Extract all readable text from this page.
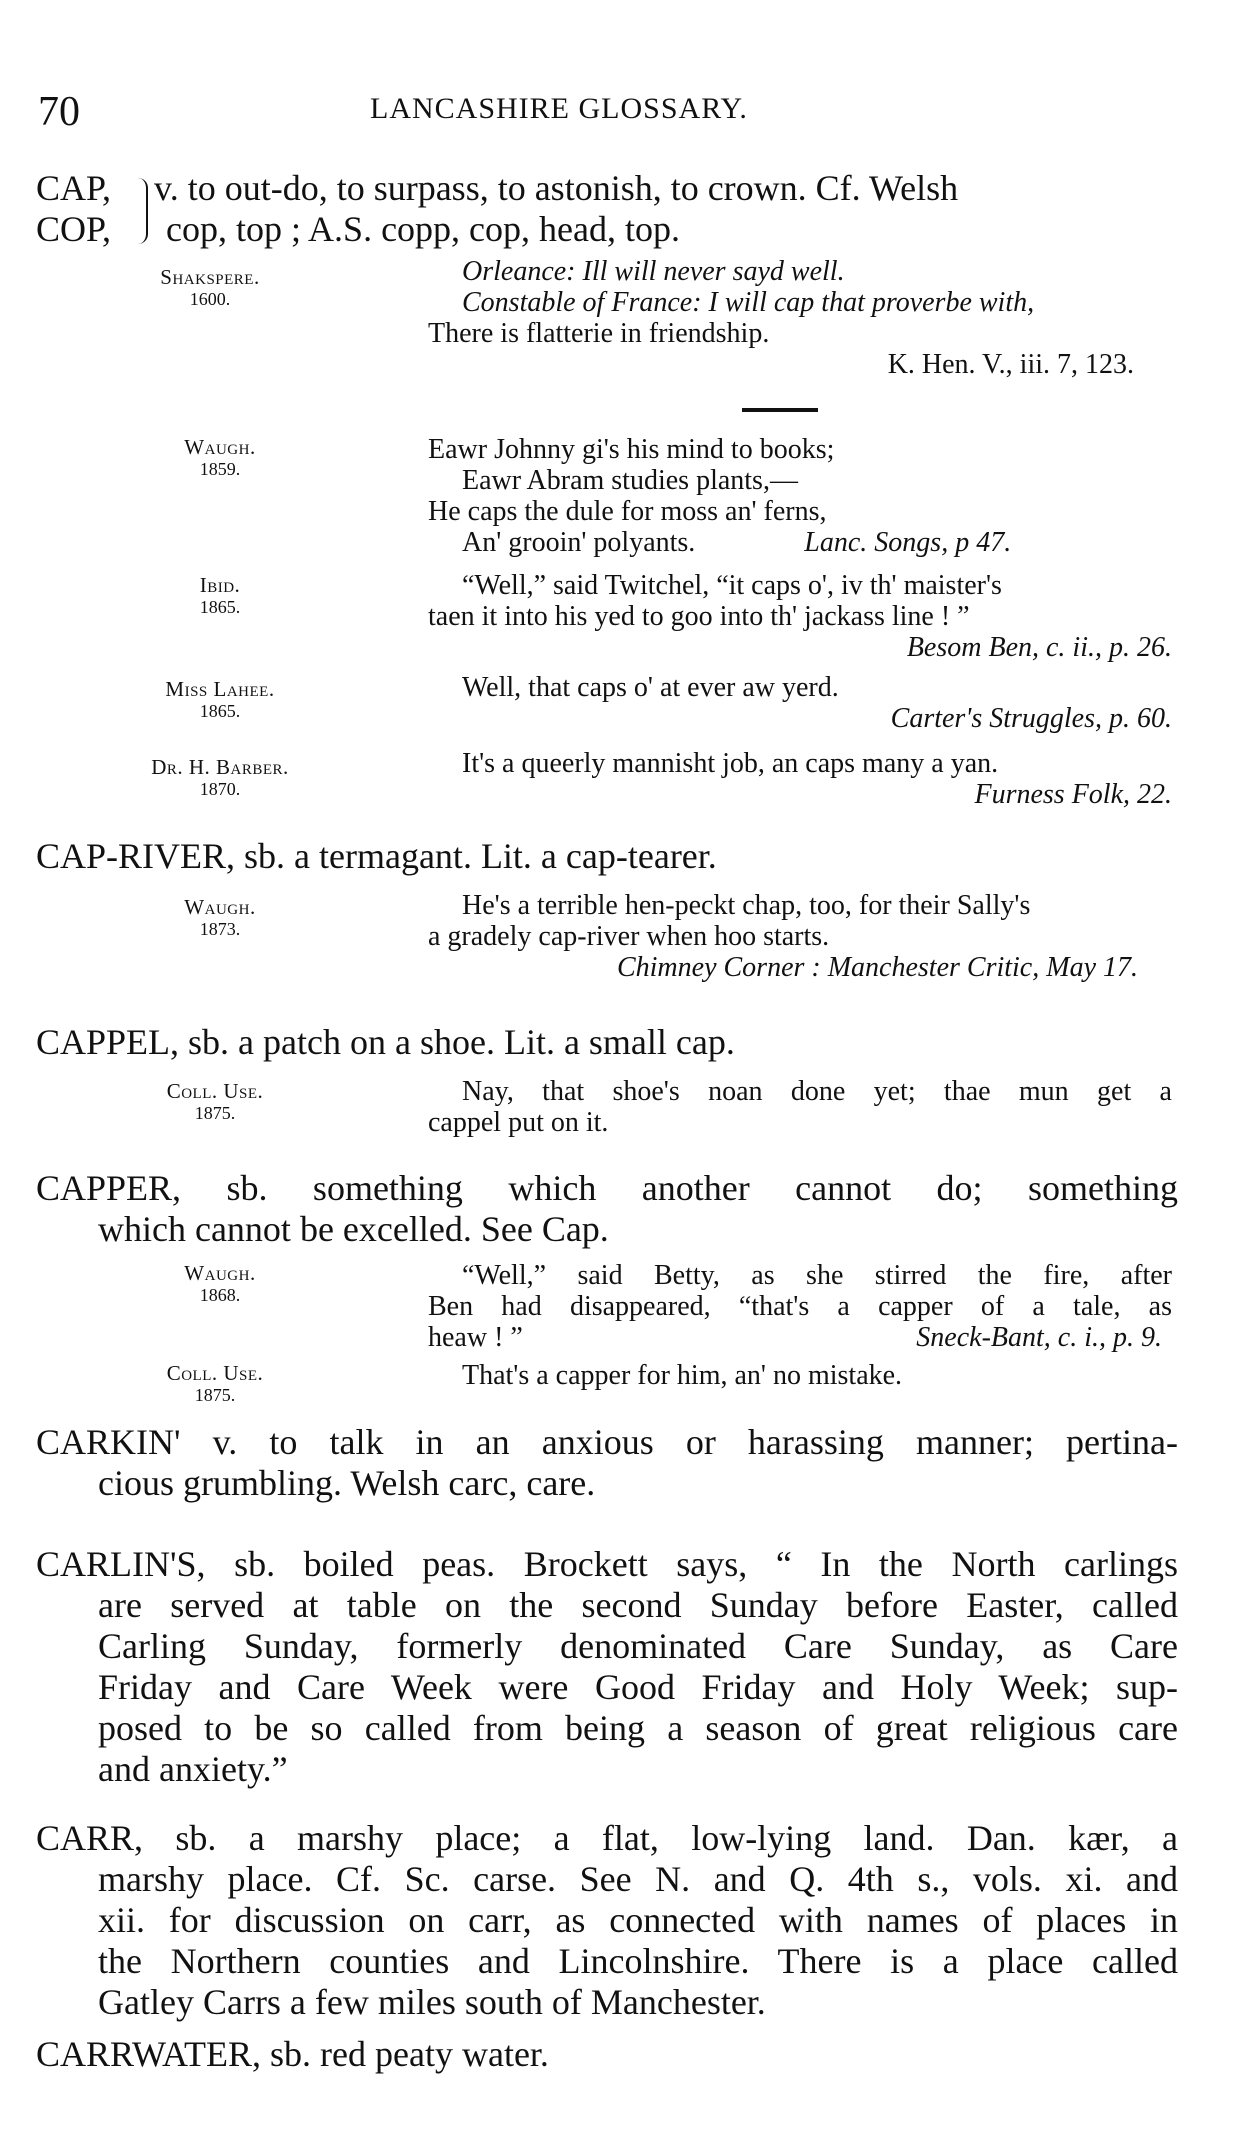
70	LANCASHIRE GLOSSARY.
CAP, v. to out-do, to surpass, to astonish, to crown. Cf. Welsh
COP, cop, top ; A.S. copp, cop, head, top.
Shakspere.
1600.
Orleance: Ill will never sayd well.
Constable of France: I will cap that proverbe with,
There is flatterie in friendship.
K. Hen. V., iii. 7, 123.
Waugh.
1859.
Eawr Johnny gi's his mind to books;
Eawr Abram studies plants,—
He caps the dule for moss an' ferns,
An' grooin' polyants.	Lanc. Songs, p 47.
Ibid.
1865.
“Well,” said Twitchel, “it caps o', iv th' maister's
taen it into his yed to goo into th' jackass line ! ”
Besom Ben, c. ii., p. 26.
Miss Lahee.
1865.
Well, that caps o' at ever aw yerd.
Carter's Struggles, p. 60.
Dr. H. Barber.
1870.
It's a queerly mannisht job, an caps many a yan.
Furness Folk, 22.
CAP-RIVER, sb. a termagant. Lit. a cap-tearer.
Waugh.
1873.
He's a terrible hen-peckt chap, too, for their Sally's
a gradely cap-river when hoo starts.
Chimney Corner : Manchester Critic, May 17.
CAPPEL, sb. a patch on a shoe. Lit. a small cap.
Coll. Use.
1875.
Nay, that shoe's noan done yet; thae mun get a
cappel put on it.
CAPPER, sb. something which another cannot do; something
which cannot be excelled. See Cap.
Waugh.
1868.
“Well,” said Betty, as she stirred the fire, after
Ben had disappeared, “that's a capper of a tale, as
heaw ! ”	Sneck-Bant, c. i., p. 9.
Coll. Use.
1875.
That's a capper for him, an' no mistake.
CARKIN' v. to talk in an anxious or harassing manner; pertina-
cious grumbling. Welsh carc, care.
CARLIN'S, sb. boiled peas. Brockett says, “ In the North carlings
are served at table on the second Sunday before Easter, called
Carling Sunday, formerly denominated Care Sunday, as Care
Friday and Care Week were Good Friday and Holy Week; sup-
posed to be so called from being a season of great religious care
and anxiety.”
CARR, sb. a marshy place; a flat, low-lying land. Dan. kær, a
marshy place. Cf. Sc. carse. See N. and Q. 4th s., vols. xi. and
xii. for discussion on carr, as connected with names of places in
the Northern counties and Lincolnshire. There is a place called
Gatley Carrs a few miles south of Manchester.
CARRWATER, sb. red peaty water.
